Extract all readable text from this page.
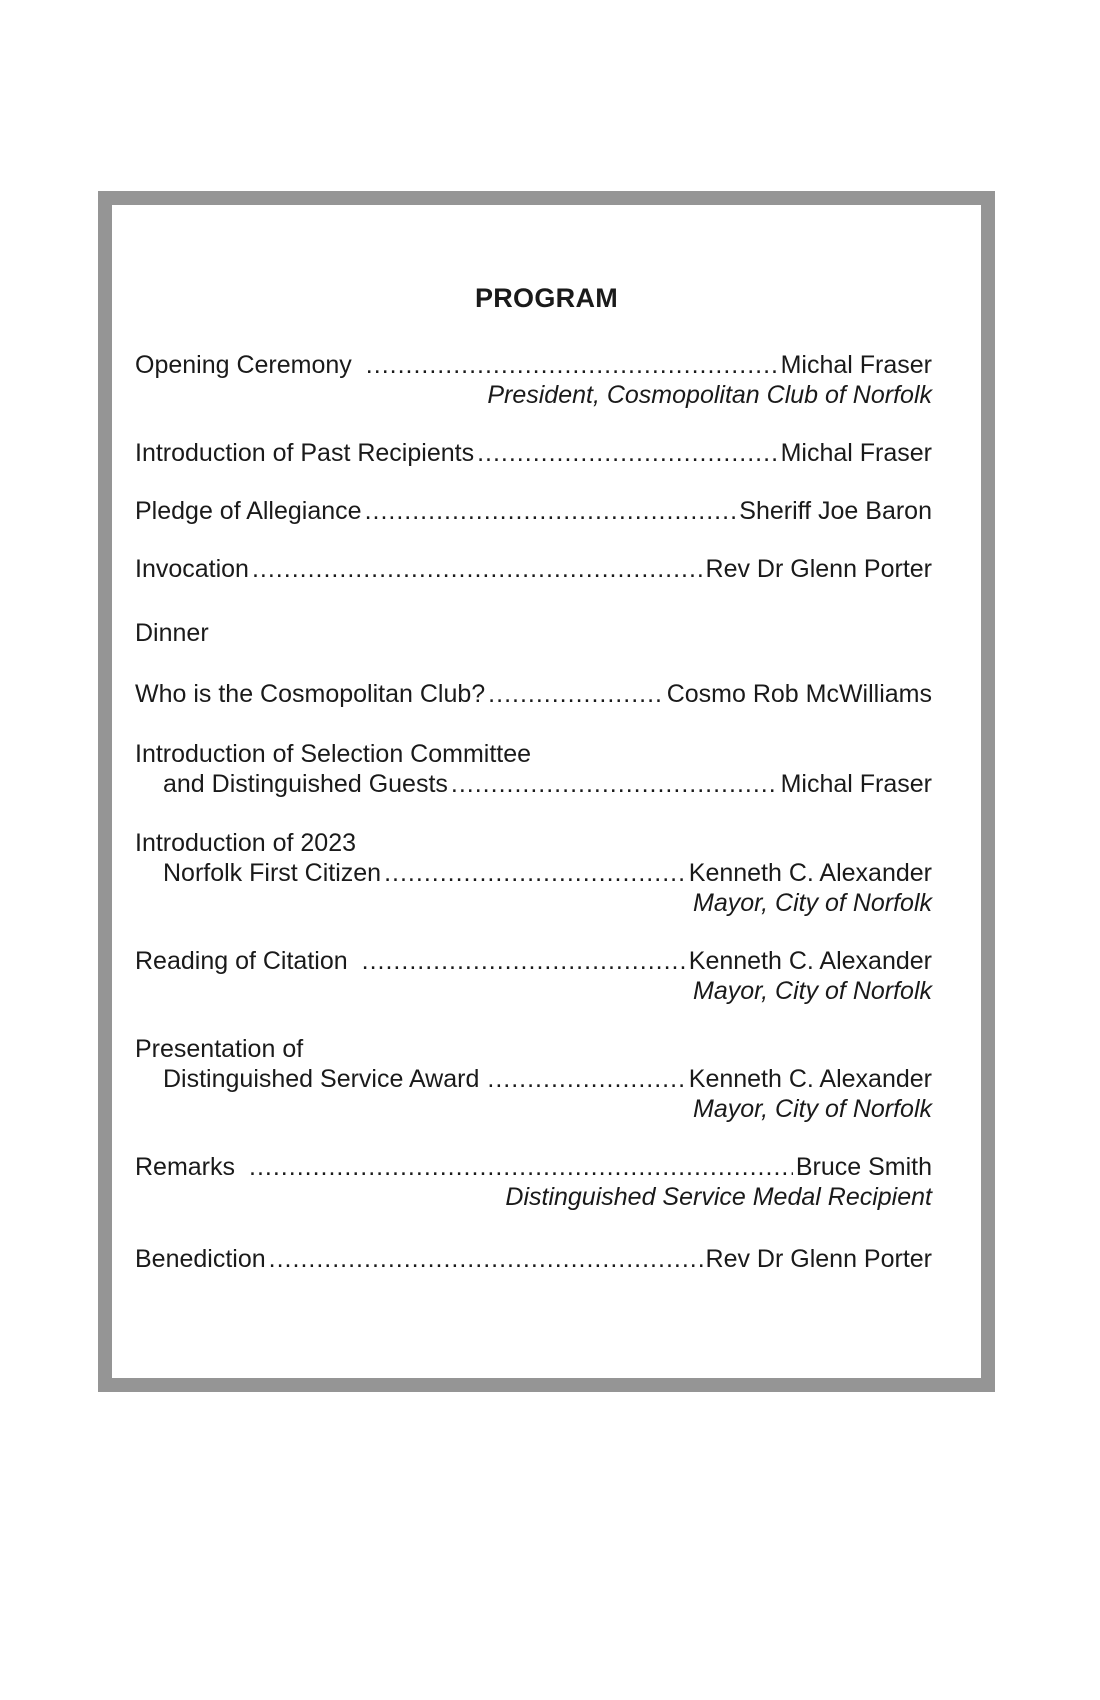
PROGRAM
Opening Ceremony .....	Michal Fraser
President, Cosmopolitan Club of Norfolk
Introduction of Past Recipients .....	Michal Fraser
Pledge of Allegiance .....	Sheriff Joe Baron
Invocation .....	Rev Dr Glenn Porter
Dinner
Who is the Cosmopolitan Club? .....	Cosmo Rob McWilliams
Introduction of Selection Committee
and Distinguished Guests .....	Michal Fraser
Introduction of 2023
Norfolk First Citizen .....	Kenneth C. Alexander
Mayor, City of Norfolk
Reading of Citation .....	Kenneth C. Alexander
Mayor, City of Norfolk
Presentation of
Distinguished Service Award .....	Kenneth C. Alexander
Mayor, City of Norfolk
Remarks .....	Bruce Smith
Distinguished Service Medal Recipient
Benediction .....	Rev Dr Glenn Porter
